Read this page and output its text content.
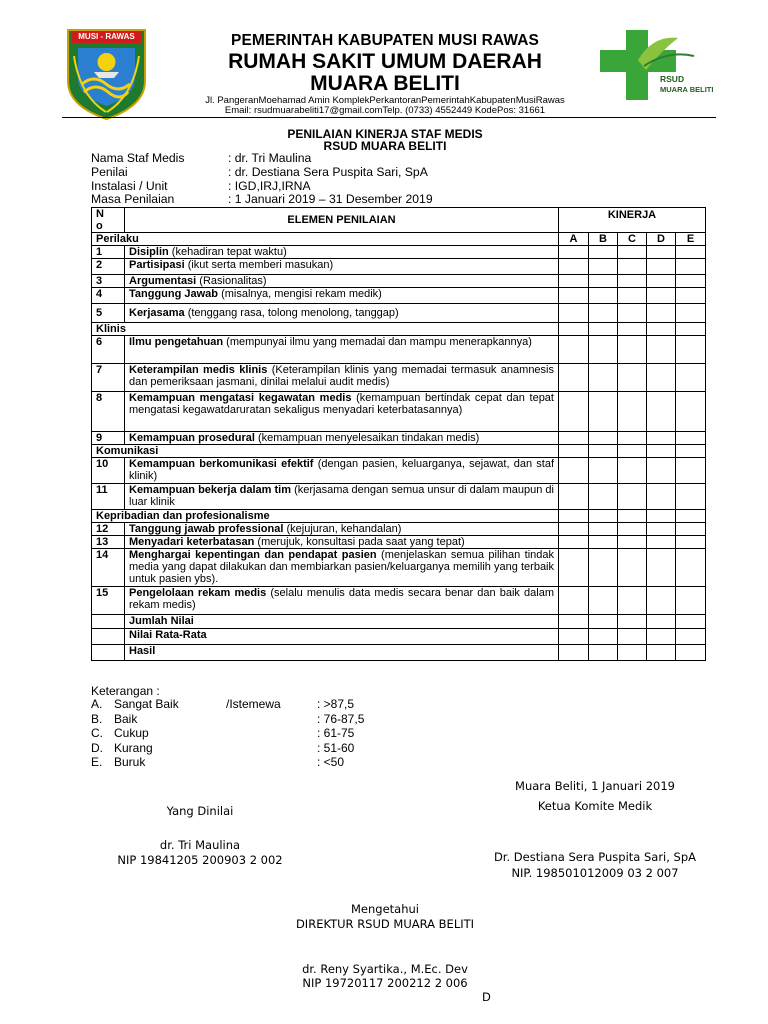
MUSI - RAWAS
RSUD
MUARA BELITI
PEMERINTAH KABUPATEN MUSI RAWAS
RUMAH SAKIT UMUM DAERAH
MUARA BELITI
Jl. PangeranMoehamad Amin KomplekPerkantoranPemerintahKabupatenMusiRawas
Email: rsudmuarabeliti17@gmail.comTelp. (0733) 4552449 KodePos: 31661
PENILAIAN KINERJA STAF MEDIS
RSUD MUARA BELITI
Nama Staf Medis	: dr. Tri Maulina
Penilai	: dr. Destiana Sera Puspita Sari, SpA
Instalasi / Unit	: IGD,IRJ,IRNA
Masa Penilaian	: 1 Januari 2019 – 31 Desember 2019
N
o	ELEMEN PENILAIAN	KINERJA				
Perilaku		A	B	C	D	E
1	Disiplin (kehadiran tepat waktu)					
2	Partisipasi (ikut serta memberi masukan)					
3	Argumentasi (Rasionalitas)					
4	Tanggung Jawab (misalnya, mengisi rekam medik)					
5	Kerjasama (tenggang rasa, tolong menolong, tanggap)					
Klinis						
6	Ilmu pengetahuan (mempunyai ilmu yang memadai dan mampu menerapkannya)					
7	Keterampilan medis klinis (Keterampilan klinis yang memadai termasuk anamnesis dan pemeriksaan jasmani, dinilai melalui audit medis)					
8	Kemampuan mengatasi kegawatan medis (kemampuan bertindak cepat dan tepat mengatasi kegawatdaruratan sekaligus menyadari keterbatasannya)					
9	Kemampuan prosedural (kemampuan menyelesaikan tindakan medis)					
Komunikasi						
10	Kemampuan berkomunikasi efektif (dengan pasien, keluarganya, sejawat, dan staf klinik)					
11	Kemampuan bekerja dalam tim (kerjasama dengan semua unsur di dalam maupun di luar klinik					
Kepribadian dan profesionalisme						
12	Tanggung jawab professional (kejujuran, kehandalan)					
13	Menyadari keterbatasan (merujuk, konsultasi pada saat yang tepat)					
14	Menghargai kepentingan dan pendapat pasien (menjelaskan semua pilihan tindak media yang dapat dilakukan dan membiarkan pasien/keluarganya memilih yang terbaik untuk pasien ybs).					
15	Pengelolaan rekam medis (selalu menulis data medis secara benar dan baik dalam rekam medis)					
	Jumlah Nilai					
	Nilai Rata-Rata					
	Hasil					
Keterangan :
A. Sangat Baik	/Istemewa	: >87,5
B. Baik	: 76-87,5
C. Cukup	: 61-75
D. Kurang	: 51-60
E. Buruk	: <50
Muara Beliti, 1 Januari 2019
Ketua Komite Medik
Yang Dinilai
dr. Tri Maulina
NIP 19841205 200903 2 002	Dr. Destiana Sera Puspita Sari, SpA
NIP. 198501012009 03 2 007
Mengetahui
DIREKTUR RSUD MUARA BELITI
dr. Reny Syartika., M.Ec. Dev
NIP 19720117 200212 2 006
D
